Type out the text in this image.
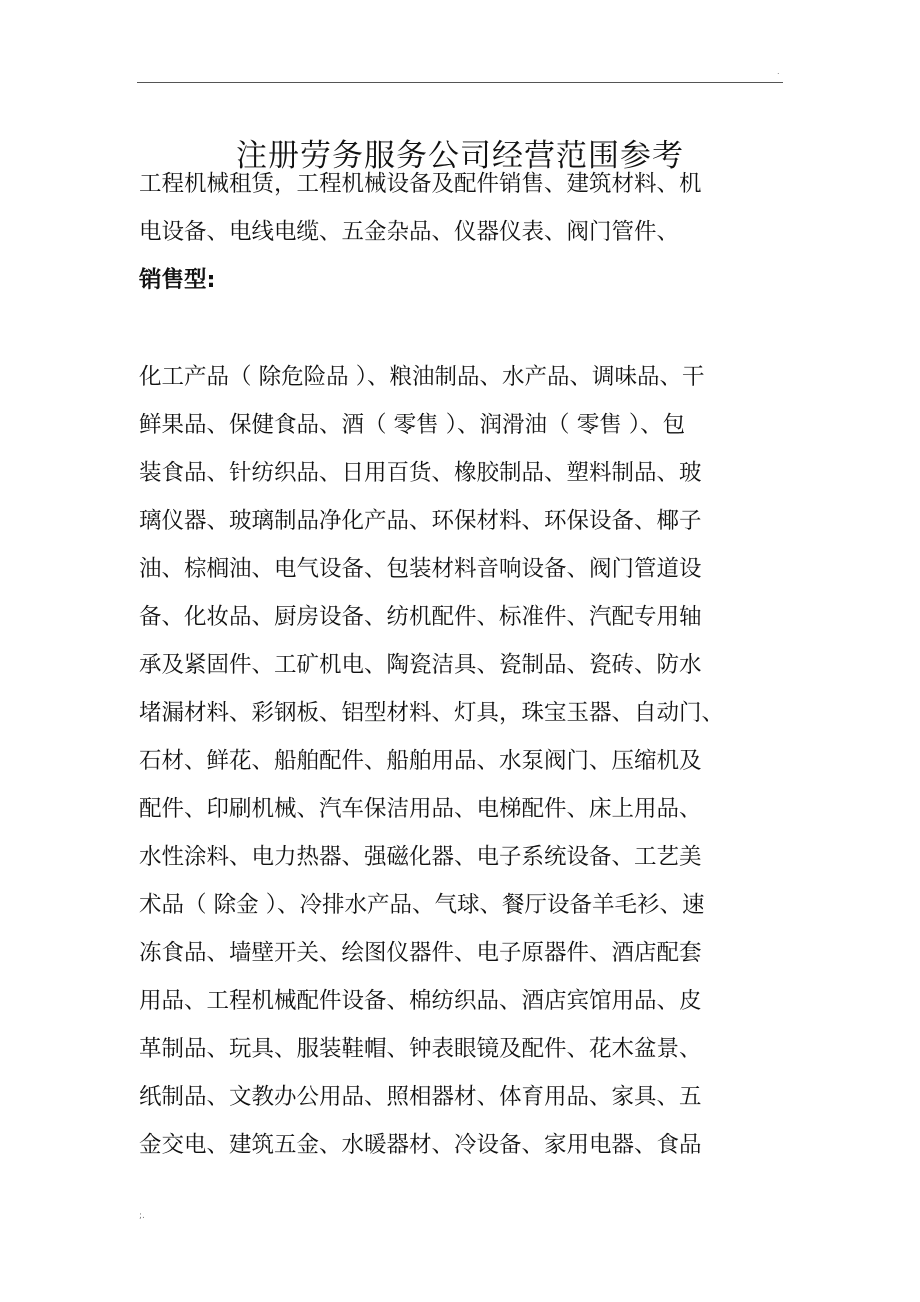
.
注册劳务服务公司经营范围参考
工程机械租赁，工程机械设备及配件销售、建筑材料、机
电设备、电线电缆、五金杂品、仪器仪表、阀门管件、
销售型:
化工产品（ 除危险品 ）、粮油制品、水产品、调味品、干
鲜果品、保健食品、酒（ 零售 ）、润滑油（ 零售 ）、包
装食品、针纺织品、日用百货、橡胶制品、塑料制品、玻
璃仪器、玻璃制品净化产品、环保材料、环保设备、椰子
油、棕榈油、电气设备、包装材料音响设备、阀门管道设
备、化妆品、厨房设备、纺机配件、标准件、汽配专用轴
承及紧固件、工矿机电、陶瓷洁具、瓷制品、瓷砖、防水
堵漏材料、彩钢板、铝型材料、灯具，珠宝玉器、自动门、
石材、鲜花、船舶配件、船舶用品、水泵阀门、压缩机及
配件、印刷机械、汽车保洁用品、电梯配件、床上用品、
水性涂料、电力热器、强磁化器、电子系统设备、工艺美
术品（ 除金 ）、冷排水产品、气球、餐厅设备羊毛衫、速
冻食品、墙壁开关、绘图仪器件、电子原器件、酒店配套
用品、工程机械配件设备、棉纺织品、酒店宾馆用品、皮
革制品、玩具、服装鞋帽、钟表眼镜及配件、花木盆景、
纸制品、文教办公用品、照相器材、体育用品、家具、五
金交电、建筑五金、水暖器材、冷设备、家用电器、食品
;.
